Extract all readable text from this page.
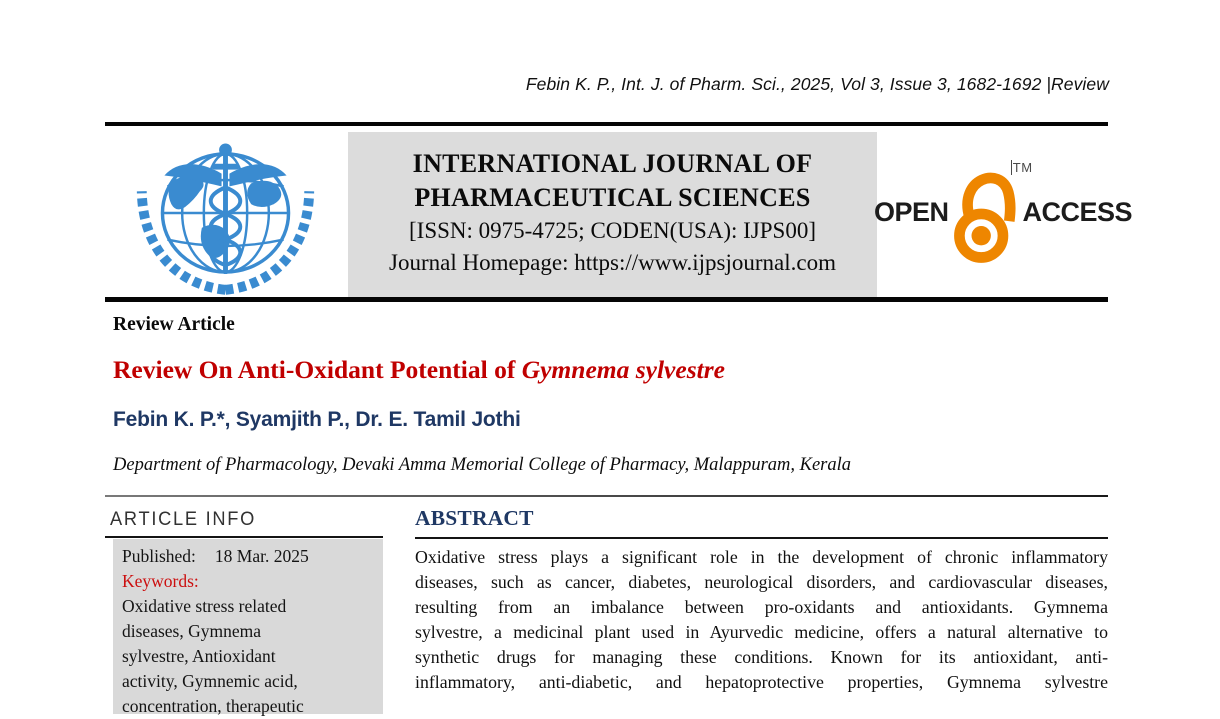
Febin K. P., Int. J. of Pharm. Sci., 2025, Vol 3, Issue 3, 1682-1692 |Review
INTERNATIONAL JOURNAL OF
PHARMACEUTICAL SCIENCES
[ISSN: 0975-4725; CODEN(USA): IJPS00]
Journal Homepage: https://www.ijpsjournal.com
OPEN
TM
ACCESS
Review Article
Review On Anti-Oxidant Potential of Gymnema sylvestre
Febin K. P.*, Syamjith P., Dr. E. Tamil Jothi
Department of Pharmacology, Devaki Amma Memorial College of Pharmacy, Malappuram, Kerala
ARTICLE INFO
Published: 18 Mar. 2025
Keywords:
Oxidative stress related
diseases, Gymnema
sylvestre, Antioxidant
activity, Gymnemic acid,
concentration, therapeutic
ABSTRACT
Oxidative stress plays a significant role in the development of chronic inflammatory
diseases, such as cancer, diabetes, neurological disorders, and cardiovascular diseases,
resulting from an imbalance between pro-oxidants and antioxidants. Gymnema
sylvestre, a medicinal plant used in Ayurvedic medicine, offers a natural alternative to
synthetic drugs for managing these conditions. Known for its antioxidant, anti-
inflammatory, anti-diabetic, and hepatoprotective properties, Gymnema sylvestre
